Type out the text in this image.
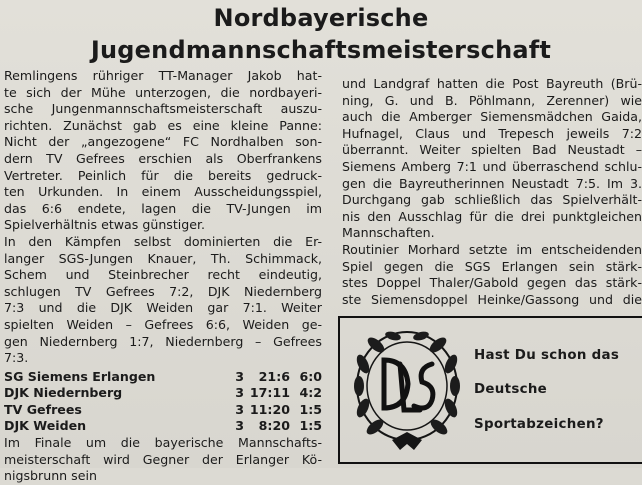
Nordbayerische
Jugendmannschaftsmeisterschaft

Remlingens rühriger TT-Manager Jakob hat-

te sich der Mühe unterzogen, die nordbayeri-

sche Jungenmannschaftsmeisterschaft auszu-

richten. Zunächst gab es eine kleine Panne:

Nicht der „angezogene“ FC Nordhalben son-

dern TV Gefrees erschien als Oberfrankens

Vertreter. Peinlich für die bereits gedruck-

ten Urkunden. In einem Ausscheidungsspiel,

das 6:6 endete, lagen die TV-Jungen im

Spielverhältnis etwas günstiger.

In den Kämpfen selbst dominierten die Er-

langer SGS-Jungen Knauer, Th. Schimmack,

Schem und Steinbrecher recht eindeutig,

schlugen TV Gefrees 7:2, DJK Niedernberg

7:3 und die DJK Weiden gar 7:1. Weiter

spielten Weiden – Gefrees 6:6, Weiden ge-

gen Niedernberg 1:7, Niedernberg – Gefrees

7:3.

SG Siemens Erlangen	3	21:6 6:0
DJK Niedernberg	3 17:11 4:2
TV Gefrees	3 11:20 1:5
DJK Weiden	3	8:20 1:5

Im Finale um die bayerische Mannschafts-

meisterschaft wird Gegner der Erlanger Kö-

nigsbrunn sein

und Landgraf hatten die Post Bayreuth (Brü-

ning, G. und B. Pöhlmann, Zerenner) wie

auch die Amberger Siemensmädchen Gaida,

Hufnagel, Claus und Trepesch jeweils 7:2

überrannt. Weiter spielten Bad Neustadt –

Siemens Amberg 7:1 und überraschend schlu-

gen die Bayreutherinnen Neustadt 7:5. Im 3.

Durchgang gab schließlich das Spielverhält-

nis den Ausschlag für die drei punktgleichen

Mannschaften.

Routinier Morhard setzte im entscheidenden

Spiel gegen die SGS Erlangen sein stärk-

stes Doppel Thaler/Gabold gegen das stärk-

ste Siemensdoppel Heinke/Gassong und die

Hast Du schon das
Deutsche
Sportabzeichen?
